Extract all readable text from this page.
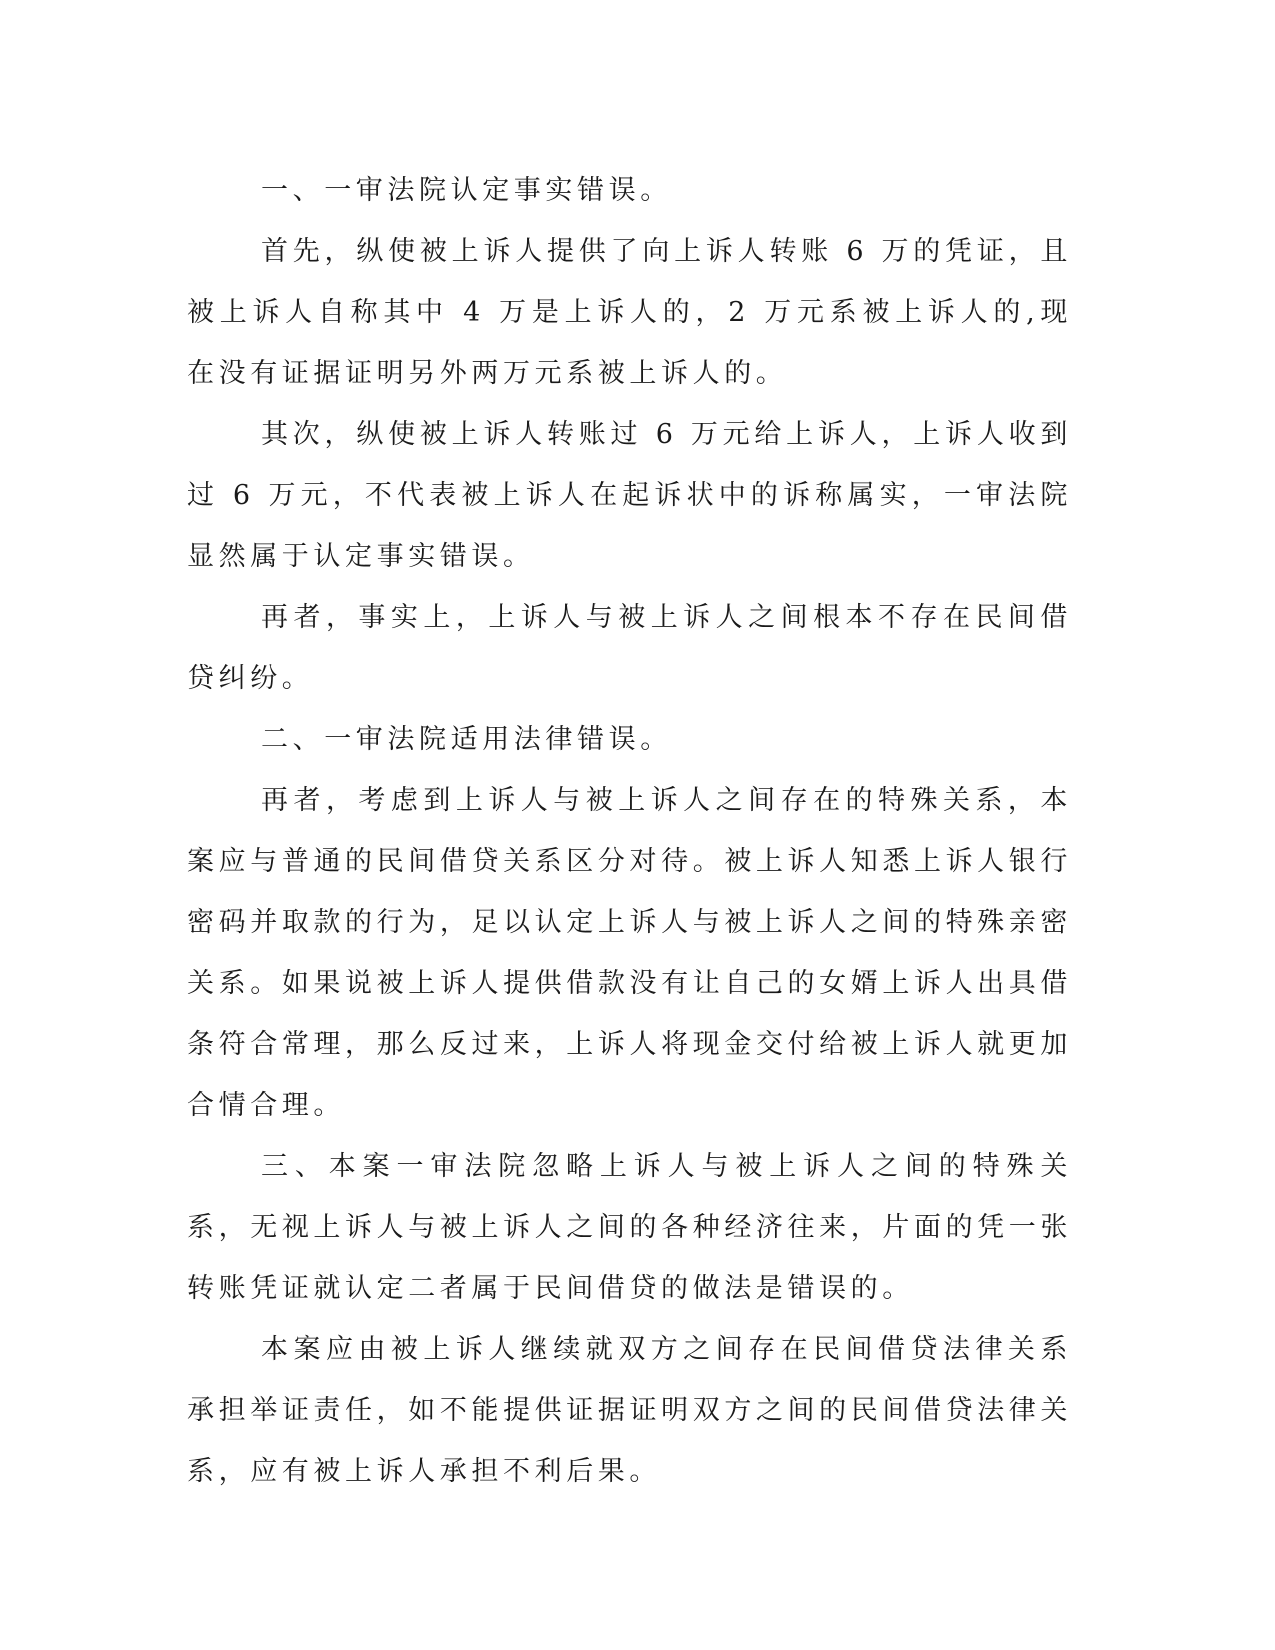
一、一审法院认定事实错误。

首先，纵使被上诉人提供了向上诉人转账 6 万的凭证，且被上诉人自称其中 4 万是上诉人的，2 万元系被上诉人的,现在没有证据证明另外两万元系被上诉人的。

其次，纵使被上诉人转账过 6 万元给上诉人，上诉人收到过 6 万元，不代表被上诉人在起诉状中的诉称属实，一审法院显然属于认定事实错误。

再者，事实上，上诉人与被上诉人之间根本不存在民间借贷纠纷。

二、一审法院适用法律错误。

再者，考虑到上诉人与被上诉人之间存在的特殊关系，本案应与普通的民间借贷关系区分对待。被上诉人知悉上诉人银行密码并取款的行为，足以认定上诉人与被上诉人之间的特殊亲密关系。如果说被上诉人提供借款没有让自己的女婿上诉人出具借条符合常理，那么反过来，上诉人将现金交付给被上诉人就更加合情合理。

三、本案一审法院忽略上诉人与被上诉人之间的特殊关系，无视上诉人与被上诉人之间的各种经济往来，片面的凭一张转账凭证就认定二者属于民间借贷的做法是错误的。

本案应由被上诉人继续就双方之间存在民间借贷法律关系承担举证责任，如不能提供证据证明双方之间的民间借贷法律关系，应有被上诉人承担不利后果。
